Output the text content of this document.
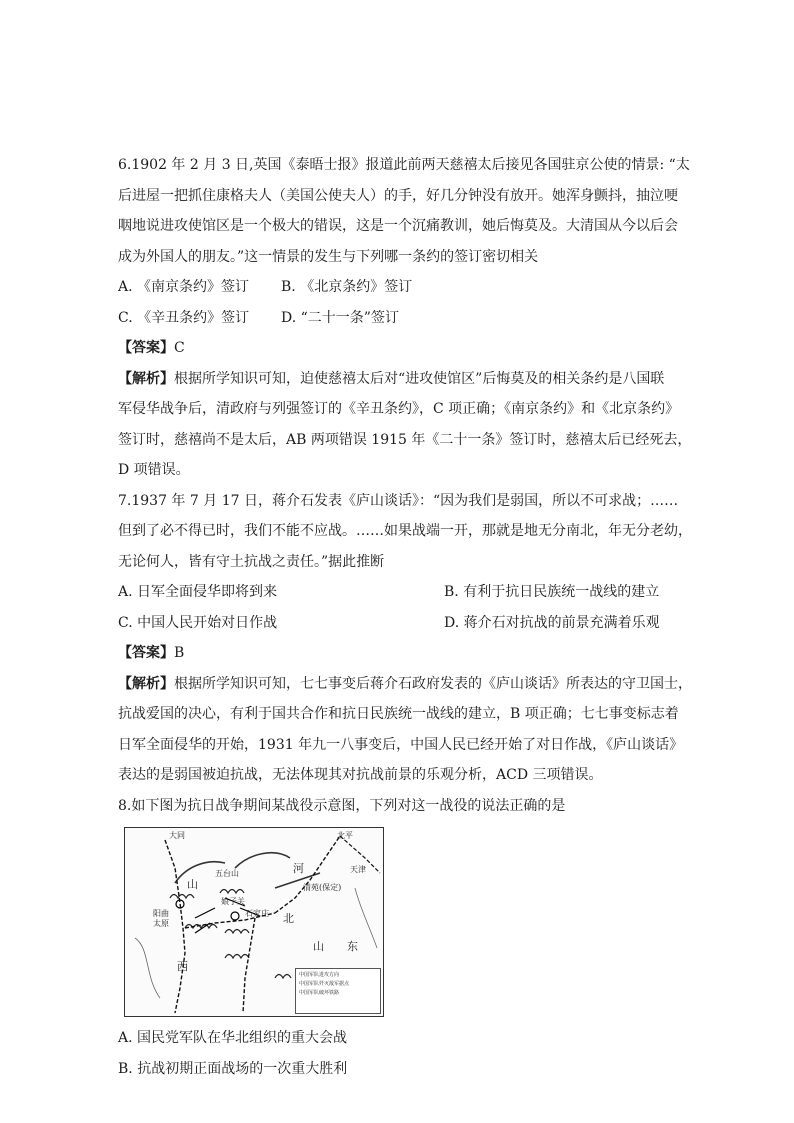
6.1902 年 2 月 3 日,英国《泰晤士报》报道此前两天慈禧太后接见各国驻京公使的情景: “太

后进屋一把抓住康格夫人（美国公使夫人）的手，好几分钟没有放开。她浑身颤抖，抽泣哽

咽地说进攻使馆区是一个极大的错误，这是一个沉痛教训，她后悔莫及。大清国从今以后会

成为外国人的朋友。”这一情景的发生与下列哪一条约的签订密切相关

A. 《南京条约》签订 B. 《北京条约》签订
C. 《辛丑条约》签订 D. “二十一条”签订

【答案】C

【解析】根据所学知识可知，迫使慈禧太后对“进攻使馆区”后悔莫及的相关条约是八国联

军侵华战争后，清政府与列强签订的《辛丑条约》，C 项正确；《南京条约》和《北京条约》

签订时，慈禧尚不是太后，AB 两项错误 1915 年《二十一条》签订时，慈禧太后已经死去，

D 项错误。

7.1937 年 7 月 17 日，蒋介石发表《庐山谈话》：“因为我们是弱国，所以不可求战；……

但到了必不得已时，我们不能不应战。……如果战端一开，那就是地无分南北，年无分老幼，

无论何人，皆有守土抗战之责任。”据此推断

A. 日军全面侵华即将到来	B. 有利于抗日民族统一战线的建立
C. 中国人民开始对日作战	D. 蒋介石对抗战的前景充满着乐观

【答案】B

【解析】根据所学知识可知，七七事变后蒋介石政府发表的《庐山谈话》所表达的守卫国士，

抗战爱国的决心，有利于国共合作和抗日民族统一战线的建立，B 项正确；七七事变标志着

日军全面侵华的开始，1931 年九一八事变后，中国人民已经开始了对日作战，《庐山谈话》

表达的是弱国被迫抗战，无法体现其对抗战前景的乐观分析，ACD 三项错误。

8.如下图为抗日战争期间某战役示意图，下列对这一战役的说法正确的是

大同	北平
天津
五台山
清苑(保定)
阳曲
太原
娘子关
石家庄
山
河
北
西
山 东
中国军队进攻方向
中国军队歼灭敌军据点
中国军队破坏铁路

A. 国民党军队在华北组织的重大会战

B. 抗战初期正面战场的一次重大胜利
